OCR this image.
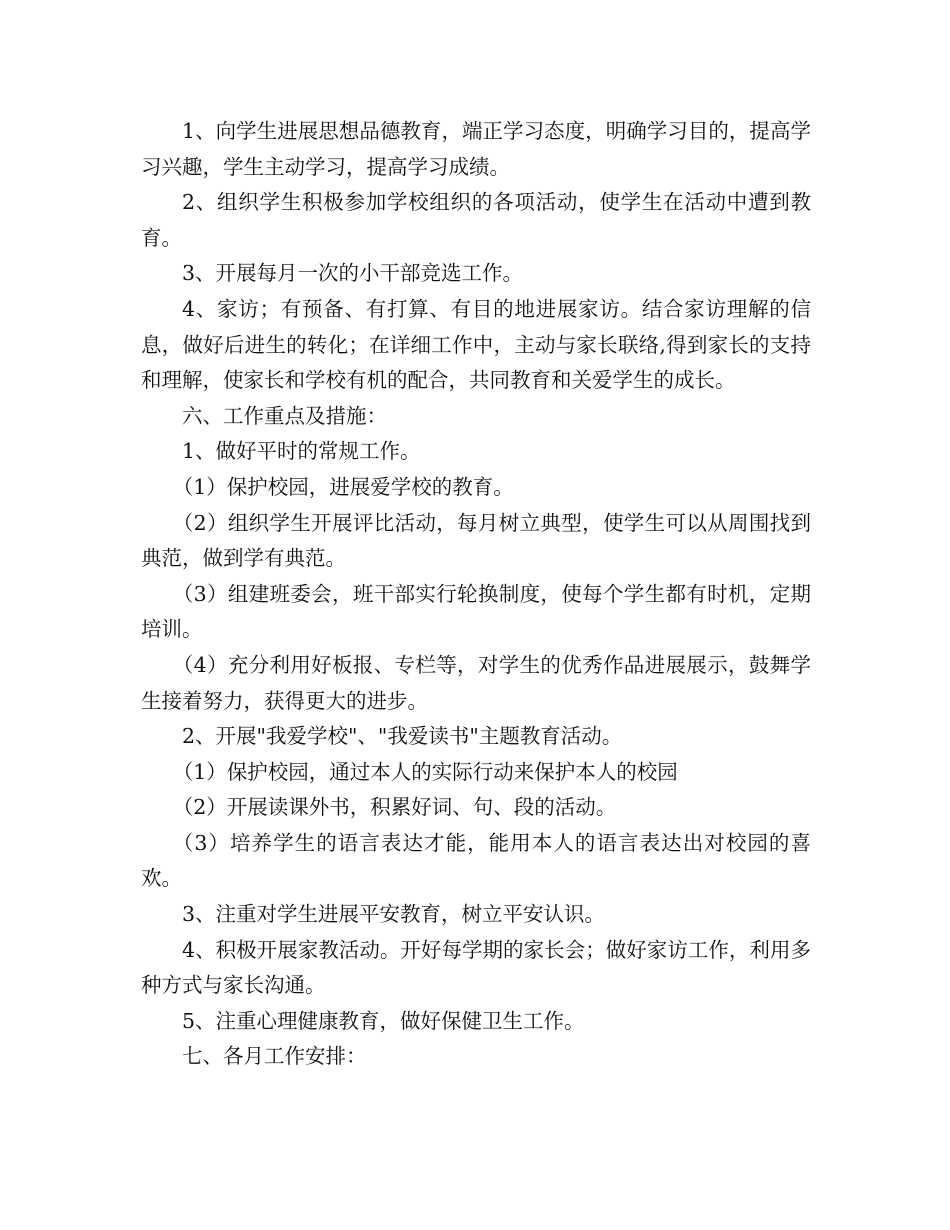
1、向学生进展思想品德教育，端正学习态度，明确学习目的，提高学习兴趣，学生主动学习，提高学习成绩。

2、组织学生积极参加学校组织的各项活动，使学生在活动中遭到教育。

3、开展每月一次的小干部竞选工作。

4、家访；有预备、有打算、有目的地进展家访。结合家访理解的信息，做好后进生的转化；在详细工作中，主动与家长联络,得到家长的支持和理解，使家长和学校有机的配合，共同教育和关爱学生的成长。

六、工作重点及措施：

1、做好平时的常规工作。

（1）保护校园，进展爱学校的教育。

（2）组织学生开展评比活动，每月树立典型，使学生可以从周围找到典范，做到学有典范。

（3）组建班委会，班干部实行轮换制度，使每个学生都有时机，定期培训。

（4）充分利用好板报、专栏等，对学生的优秀作品进展展示，鼓舞学生接着努力，获得更大的进步。

2、开展"我爱学校"、"我爱读书"主题教育活动。

（1）保护校园，通过本人的实际行动来保护本人的校园

（2）开展读课外书，积累好词、句、段的活动。

（3）培养学生的语言表达才能，能用本人的语言表达出对校园的喜欢。

3、注重对学生进展平安教育，树立平安认识。

4、积极开展家教活动。开好每学期的家长会；做好家访工作，利用多种方式与家长沟通。

5、注重心理健康教育，做好保健卫生工作。

七、各月工作安排：
